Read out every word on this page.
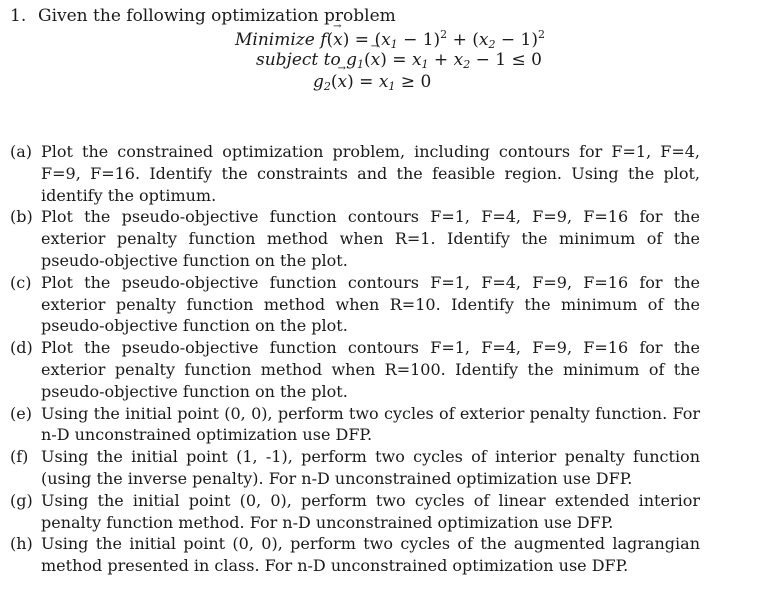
1. Given the following optimization problem
Minimize $f(\to x) = (x_1 - 1)^2 + (x_2 - 1)^2$
subject to $g_1(\to x) = x_1 + x_2 - 1 \le 0$
$g_2(\to x) = x_1 \ge 0$
(a) Plot the constrained optimization problem, including contours for F=1, F=4, F=9, F=16. Identify the constraints and the feasible region. Using the plot, identify the optimum.
(b) Plot the pseudo-objective function contours F=1, F=4, F=9, F=16 for the exterior penalty function method when R=1. Identify the minimum of the pseudo-objective function on the plot.
(c) Plot the pseudo-objective function contours F=1, F=4, F=9, F=16 for the exterior penalty function method when R=10. Identify the minimum of the pseudo-objective function on the plot.
(d) Plot the pseudo-objective function contours F=1, F=4, F=9, F=16 for the exterior penalty function method when R=100. Identify the minimum of the pseudo-objective function on the plot.
(e) Using the initial point (0, 0), perform two cycles of exterior penalty function. For n-D unconstrained optimization use DFP.
(f) Using the initial point (1, -1), perform two cycles of interior penalty function (using the inverse penalty). For n-D unconstrained optimization use DFP.
(g) Using the initial point (0, 0), perform two cycles of linear extended interior penalty function method. For n-D unconstrained optimization use DFP.
(h) Using the initial point (0, 0), perform two cycles of the augmented lagrangian method presented in class. For n-D unconstrained optimization use DFP.
